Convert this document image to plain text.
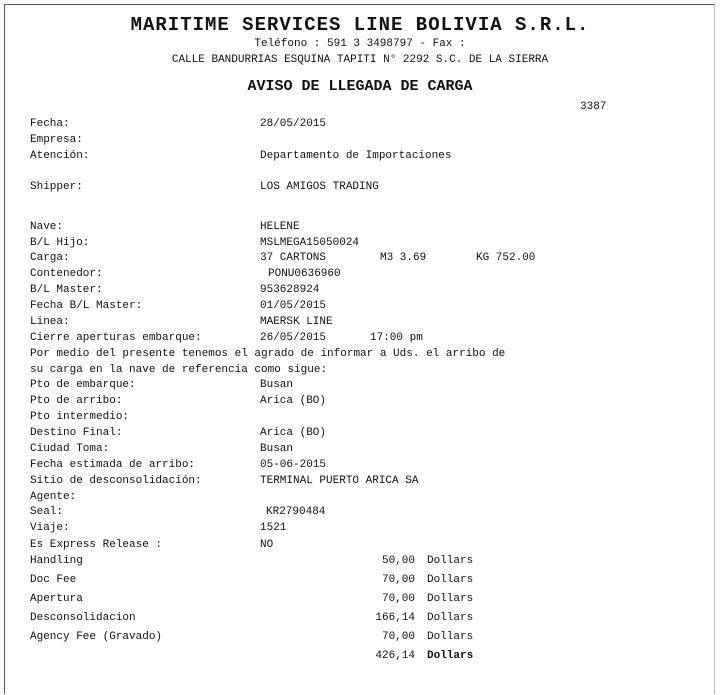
MARITIME SERVICES LINE BOLIVIA S.R.L.
Teléfono : 591 3 3498797 - Fax :
CALLE BANDURRIAS ESQUINA TAPITI N° 2292 S.C. DE LA SIERRA
AVISO DE LLEGADA DE CARGA
3387
Fecha:	28/05/2015
Empresa:
Atención:	Departamento de Importaciones
Shipper:	LOS AMIGOS TRADING
Nave:	HELENE
B/L Hijo:	MSLMEGA15050024
Carga:	37 CARTONS	M3 3.69	KG 752.00
Contenedor:	PONU0636960
B/L Master:	953628924
Fecha B/L Master:	01/05/2015
Linea:	MAERSK LINE
Cierre aperturas embarque:	26/05/2015	17:00 pm
Por medio del presente tenemos el agrado de informar a Uds. el arribo de
su carga en la nave de referencia como sigue:
Pto de embarque:	Busan
Pto de arribo:	Arica (BO)
Pto intermedio:
Destino Final:	Arica (BO)
Ciudad Toma:	Busan
Fecha estimada de arribo:	05-06-2015
Sitio de desconsolidación:	TERMINAL PUERTO ARICA SA
Agente:
Seal:	KR2790484
Viaje:	1521
Es Express Release :	NO
Handling	50,00 Dollars
Doc Fee	70,00 Dollars
Apertura	70,00 Dollars
Desconsolidacion	166,14 Dollars
Agency Fee (Gravado)	70,00 Dollars
426,14 Dollars
